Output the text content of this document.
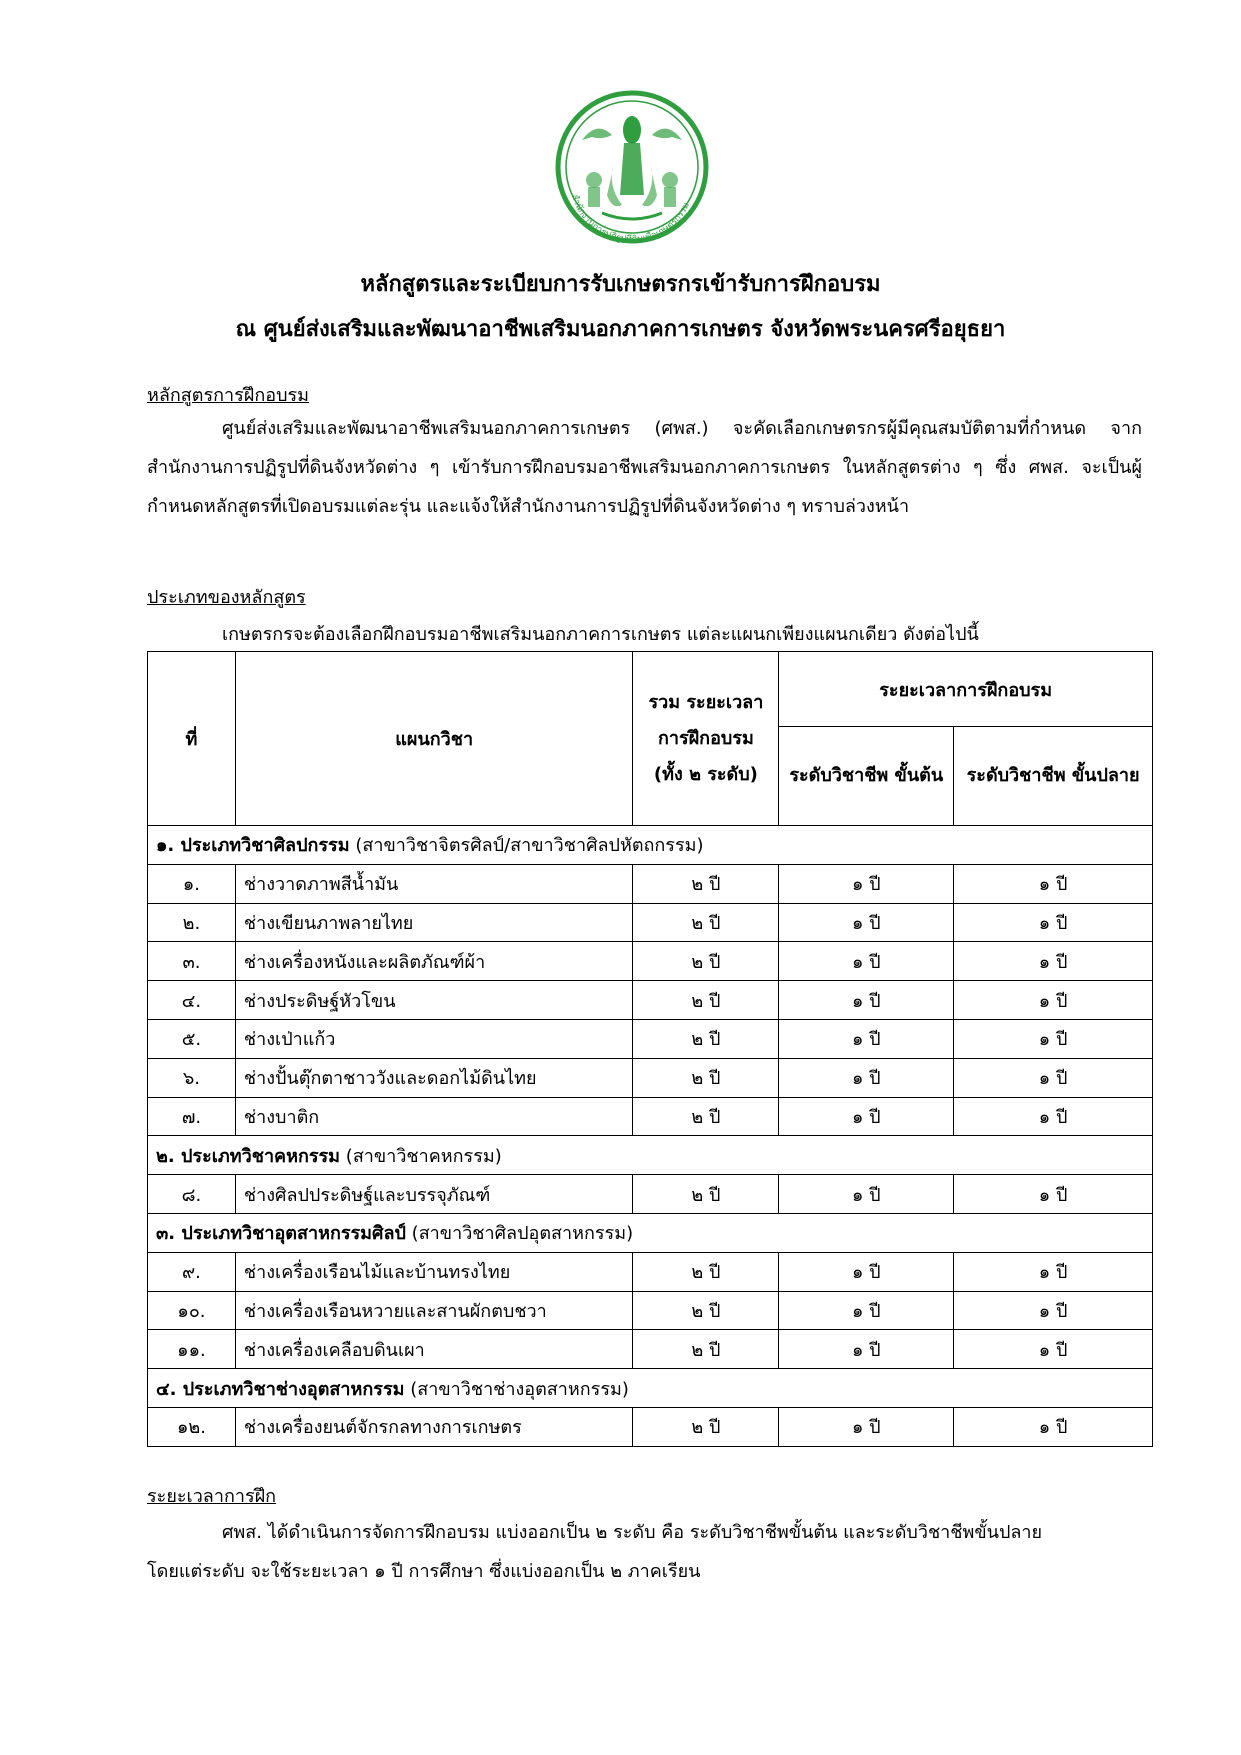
สำนักงานการปฏิรูปที่ดินเพื่อเกษตรกรรม
หลักสูตรและระเบียบการรับเกษตรกรเข้ารับการฝึกอบรม
ณ ศูนย์ส่งเสริมและพัฒนาอาชีพเสริมนอกภาคการเกษตร จังหวัดพระนครศรีอยุธยา
หลักสูตรการฝึกอบรม
ศูนย์ส่งเสริมและพัฒนาอาชีพเสริมนอกภาคการเกษตร (ศพส.) จะคัดเลือกเกษตรกรผู้มีคุณสมบัติตามที่กำหนด จากสำนักงานการปฏิรูปที่ดินจังหวัดต่าง ๆ เข้ารับการฝึกอบรมอาชีพเสริมนอกภาคการเกษตร ในหลักสูตรต่าง ๆ ซึ่ง ศพส. จะเป็นผู้กำหนดหลักสูตรที่เปิดอบรมแต่ละรุ่น และแจ้งให้สำนักงานการปฏิรูปที่ดินจังหวัดต่าง ๆ ทราบล่วงหน้า
ประเภทของหลักสูตร
เกษตรกรจะต้องเลือกฝึกอบรมอาชีพเสริมนอกภาคการเกษตร แต่ละแผนกเพียงแผนกเดียว ดังต่อไปนี้
ที่	แผนกวิชา	รวม ระยะเวลา การฝึกอบรม (ทั้ง ๒ ระดับ)	ระยะเวลาการฝึกอบรม	
			ระดับวิชาชีพ ขั้นต้น	ระดับวิชาชีพ ขั้นปลาย
๑. ประเภทวิชาศิลปกรรม (สาขาวิชาจิตรศิลป์/สาขาวิชาศิลปหัตถกรรม)				
๑.	ช่างวาดภาพสีน้ำมัน	๒ ปี	๑ ปี	๑ ปี
๒.	ช่างเขียนภาพลายไทย	๒ ปี	๑ ปี	๑ ปี
๓.	ช่างเครื่องหนังและผลิตภัณฑ์ผ้า	๒ ปี	๑ ปี	๑ ปี
๔.	ช่างประดิษฐ์หัวโขน	๒ ปี	๑ ปี	๑ ปี
๕.	ช่างเป่าแก้ว	๒ ปี	๑ ปี	๑ ปี
๖.	ช่างปั้นตุ๊กตาชาววังและดอกไม้ดินไทย	๒ ปี	๑ ปี	๑ ปี
๗.	ช่างบาติก	๒ ปี	๑ ปี	๑ ปี
๒. ประเภทวิชาคหกรรม (สาขาวิชาคหกรรม)				
๘.	ช่างศิลปประดิษฐ์และบรรจุภัณฑ์	๒ ปี	๑ ปี	๑ ปี
๓. ประเภทวิชาอุตสาหกรรมศิลป์ (สาขาวิชาศิลปอุตสาหกรรม)				
๙.	ช่างเครื่องเรือนไม้และบ้านทรงไทย	๒ ปี	๑ ปี	๑ ปี
๑๐.	ช่างเครื่องเรือนหวายและสานผักตบชวา	๒ ปี	๑ ปี	๑ ปี
๑๑.	ช่างเครื่องเคลือบดินเผา	๒ ปี	๑ ปี	๑ ปี
๔. ประเภทวิชาช่างอุตสาหกรรม (สาขาวิชาช่างอุตสาหกรรม)				
๑๒.	ช่างเครื่องยนต์จักรกลทางการเกษตร	๒ ปี	๑ ปี	๑ ปี
ระยะเวลาการฝึก
ศพส. ได้ดำเนินการจัดการฝึกอบรม แบ่งออกเป็น ๒ ระดับ คือ ระดับวิชาชีพขั้นต้น และระดับวิชาชีพขั้นปลาย
โดยแต่ระดับ จะใช้ระยะเวลา ๑ ปี การศึกษา ซึ่งแบ่งออกเป็น ๒ ภาคเรียน
